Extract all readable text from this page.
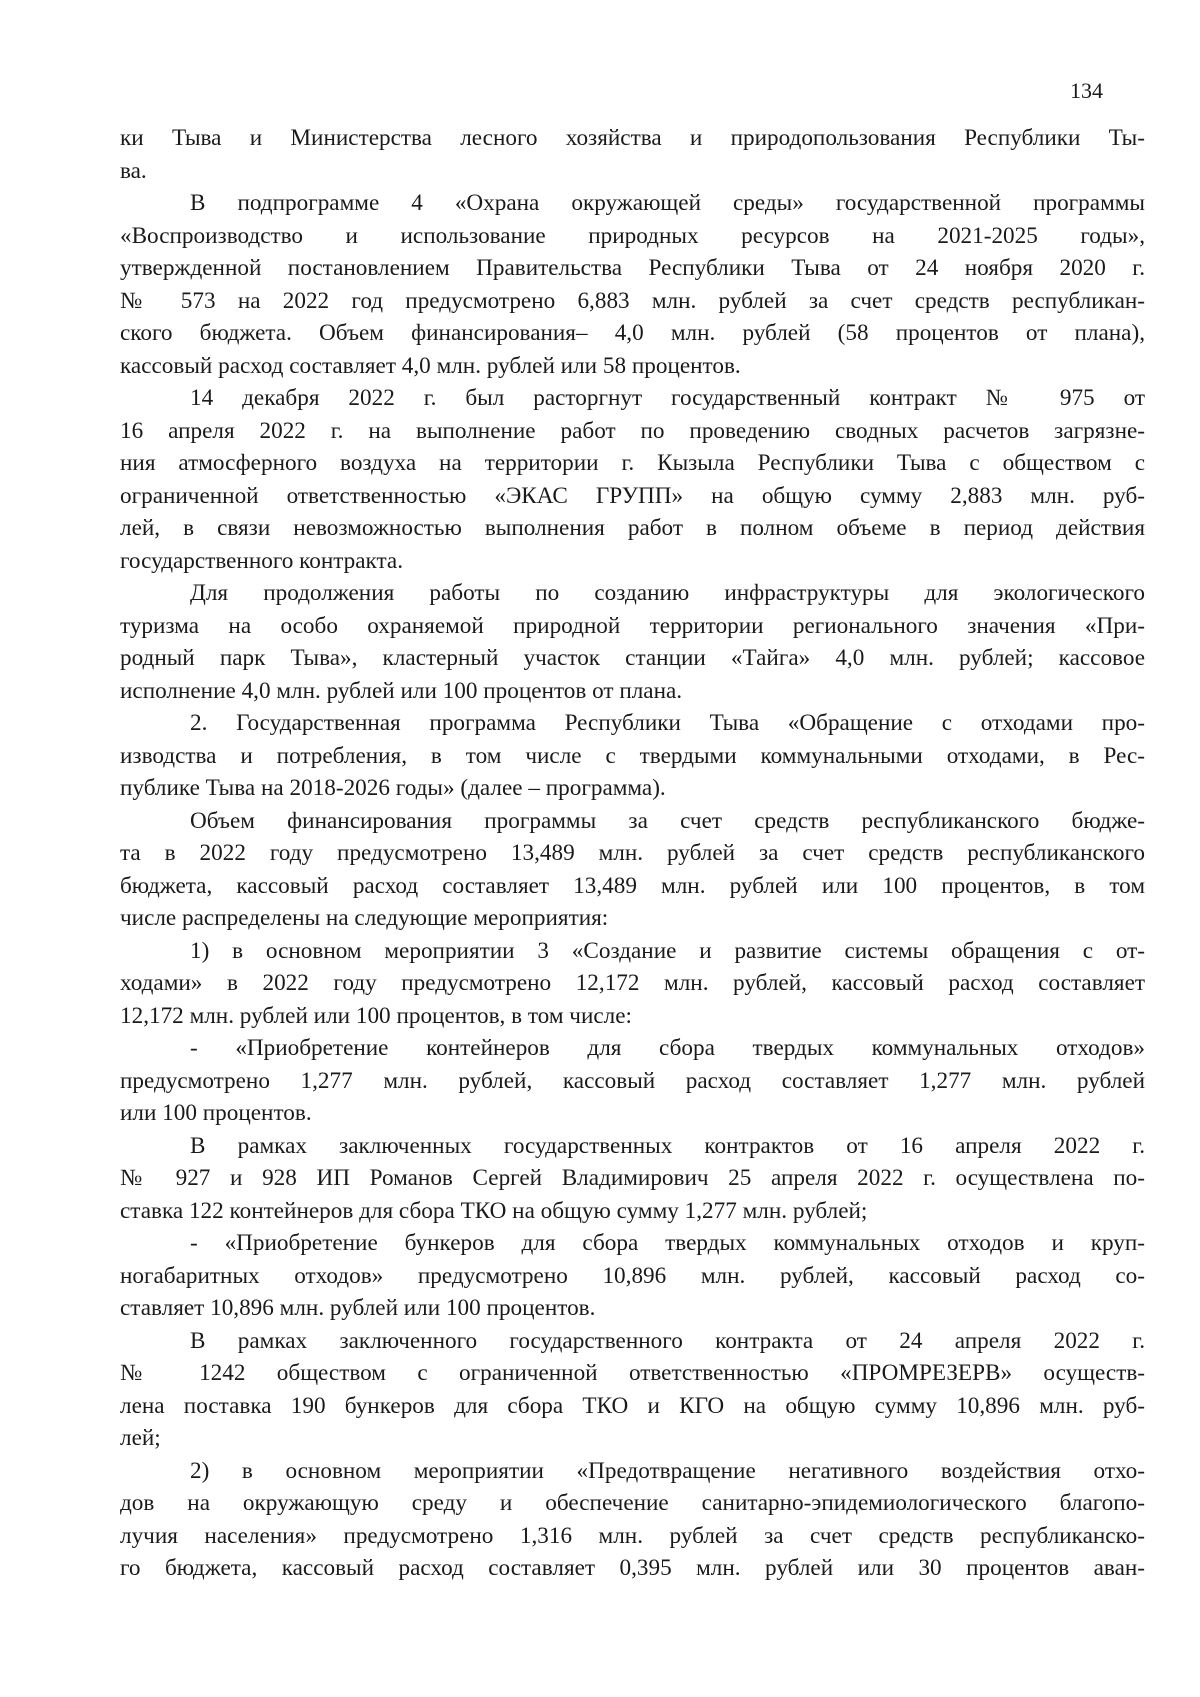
134
ки Тыва и Министерства лесного хозяйства и природопользования Республики Ты-
ва.
В подпрограмме 4 «Охрана окружающей среды» государственной программы
«Воспроизводство и использование природных ресурсов на 2021-2025 годы»,
утвержденной постановлением Правительства Республики Тыва от 24 ноября 2020 г.
№ 573 на 2022 год предусмотрено 6,883 млн. рублей за счет средств республикан-
ского бюджета. Объем финансирования– 4,0 млн. рублей (58 процентов от плана),
кассовый расход составляет 4,0 млн. рублей или 58 процентов.
14 декабря 2022 г. был расторгнут государственный контракт № 975 от
16 апреля 2022 г. на выполнение работ по проведению сводных расчетов загрязне-
ния атмосферного воздуха на территории г. Кызыла Республики Тыва с обществом с
ограниченной ответственностью «ЭКАС ГРУПП» на общую сумму 2,883 млн. руб-
лей, в связи невозможностью выполнения работ в полном объеме в период действия
государственного контракта.
Для продолжения работы по созданию инфраструктуры для экологического
туризма на особо охраняемой природной территории регионального значения «При-
родный парк Тыва», кластерный участок станции «Тайга» 4,0 млн. рублей; кассовое
исполнение 4,0 млн. рублей или 100 процентов от плана.
2. Государственная программа Республики Тыва «Обращение с отходами про-
изводства и потребления, в том числе с твердыми коммунальными отходами, в Рес-
публике Тыва на 2018-2026 годы» (далее – программа).
Объем финансирования программы за счет средств республиканского бюдже-
та в 2022 году предусмотрено 13,489 млн. рублей за счет средств республиканского
бюджета, кассовый расход составляет 13,489 млн. рублей или 100 процентов, в том
числе распределены на следующие мероприятия:
1) в основном мероприятии 3 «Создание и развитие системы обращения с от-
ходами» в 2022 году предусмотрено 12,172 млн. рублей, кассовый расход составляет
12,172 млн. рублей или 100 процентов, в том числе:
- «Приобретение контейнеров для сбора твердых коммунальных отходов»
предусмотрено 1,277 млн. рублей, кассовый расход составляет 1,277 млн. рублей
или 100 процентов.
В рамках заключенных государственных контрактов от 16 апреля 2022 г.
№ 927 и 928 ИП Романов Сергей Владимирович 25 апреля 2022 г. осуществлена по-
ставка 122 контейнеров для сбора ТКО на общую сумму 1,277 млн. рублей;
- «Приобретение бункеров для сбора твердых коммунальных отходов и круп-
ногабаритных отходов» предусмотрено 10,896 млн. рублей, кассовый расход со-
ставляет 10,896 млн. рублей или 100 процентов.
В рамках заключенного государственного контракта от 24 апреля 2022 г.
№ 1242 обществом с ограниченной ответственностью «ПРОМРЕЗЕРВ» осуществ-
лена поставка 190 бункеров для сбора ТКО и КГО на общую сумму 10,896 млн. руб-
лей;
2) в основном мероприятии «Предотвращение негативного воздействия отхо-
дов на окружающую среду и обеспечение санитарно-эпидемиологического благопо-
лучия населения» предусмотрено 1,316 млн. рублей за счет средств республиканско-
го бюджета, кассовый расход составляет 0,395 млн. рублей или 30 процентов аван-
